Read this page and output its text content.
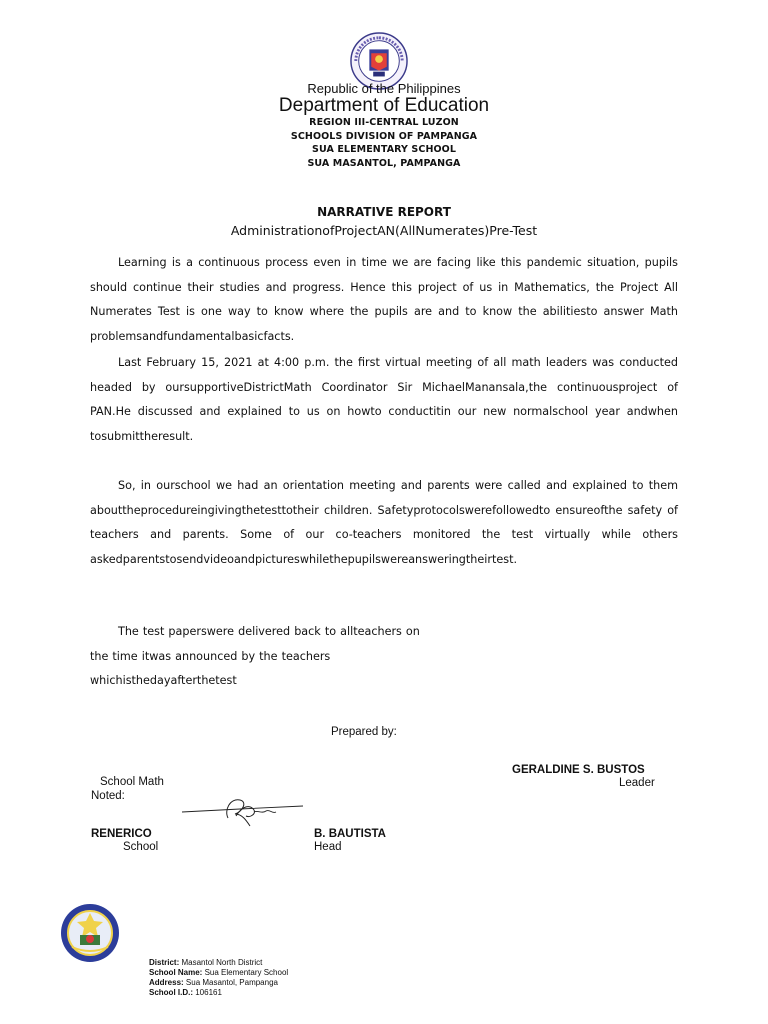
Republic of the Philippines
Department of Education
REGION III-CENTRAL LUZON
SCHOOLS DIVISION OF PAMPANGA
SUA ELEMENTARY SCHOOL
SUA MASANTOL, PAMPANGA
NARRATIVE REPORT
AdministrationofProjectAN(AllNumerates)Pre-Test
Learning is a continuous process even in time we are facing like this pandemic situation, pupils should continue their studies and progress. Hence this project of us in Mathematics, the Project All Numerates Test is one way to know where the pupils are and to know the abilitiesto answer Math problemsandfundamentalbasicfacts.
Last February 15, 2021 at 4:00 p.m. the first virtual meeting of all math leaders was conducted headed by oursupportiveDistrictMath Coordinator Sir MichaelManansala,the continuousproject of PAN.He discussed and explained to us on howto conductitin our new normalschool year andwhen tosubmittheresult.
So, in ourschool we had an orientation meeting and parents were called and explained to them abouttheprocedureingivingthetesttotheir children. Safetyprotocolswerefollowedto ensureofthe safety of teachers and parents. Some of our co-teachers monitored the test virtually while others askedparentstosendvideoandpictureswhilethepupilswereansweringtheirtest.
The test paperswere delivered back to allteachers on the time itwas announced by the teachers whichisthedayafterthetest
Prepared by:
GERALDINE S. BUSTOS
School Math	Leader
Noted:
RENERICO	B. BAUTISTA
School	Head
District: Masantol North District
School Name: Sua Elementary School
Address: Sua Masantol, Pampanga
School I.D.: 106161
